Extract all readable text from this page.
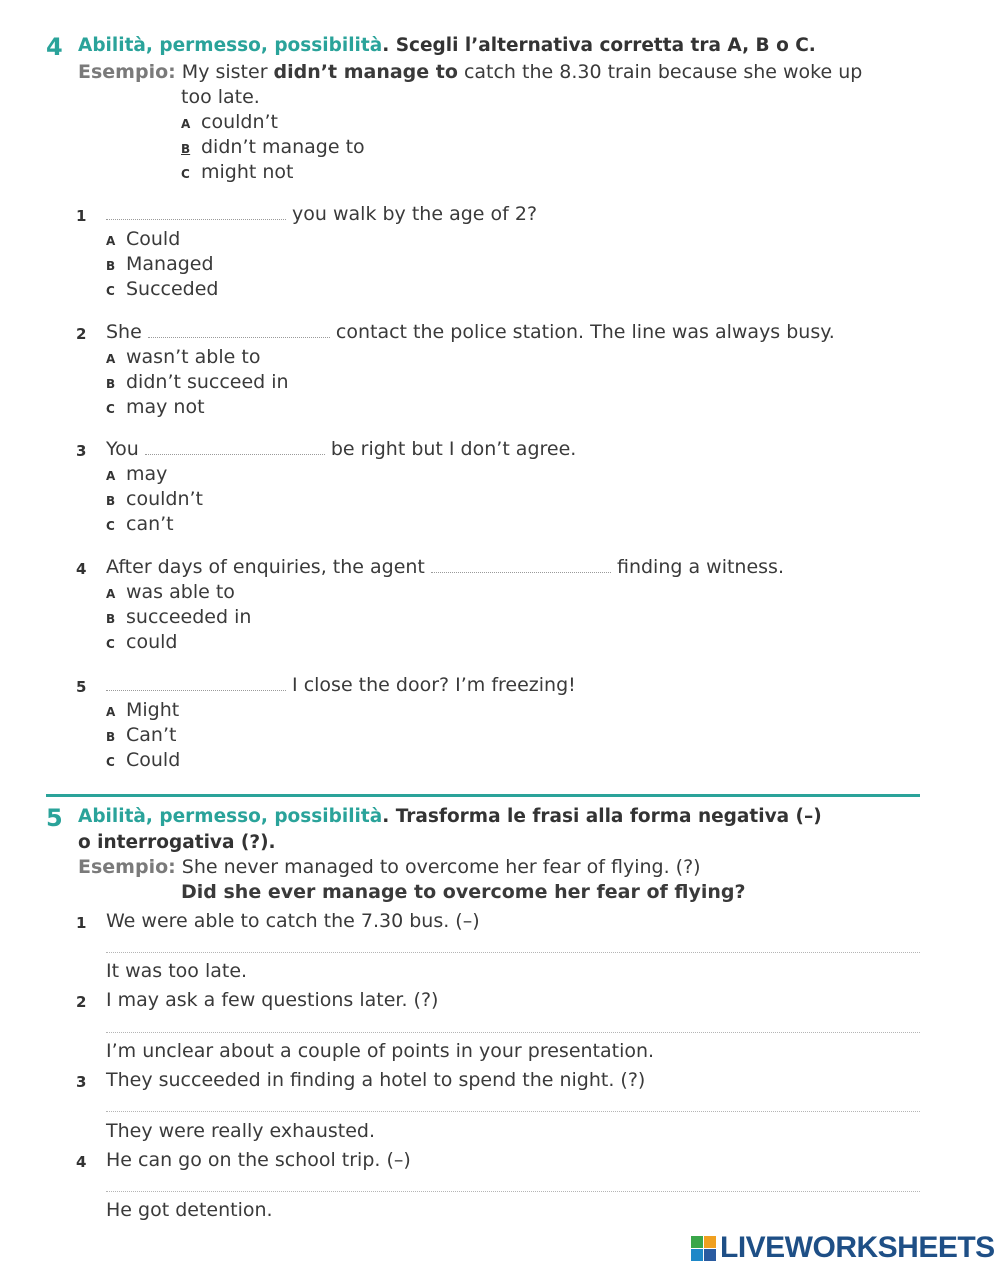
4 Abilità, permesso, possibilità. Scegli l’alternativa corretta tra A, B o C.
Esempio: My sister didn’t manage to catch the 8.30 train because she woke up
too late.
A couldn’t
B didn’t manage to
C might not
1	you walk by the age of 2?
A Could
B Managed
C Succeded
2 She	contact the police station. The line was always busy.
A wasn’t able to
B didn’t succeed in
C may not
3 You	be right but I don’t agree.
A may
B couldn’t
C can’t
4 After days of enquiries, the agent	finding a witness.
A was able to
B succeeded in
C could
5	I close the door? I’m freezing!
A Might
B Can’t
C Could
5 Abilità, permesso, possibilità. Trasforma le frasi alla forma negativa (–)
o interrogativa (?).
Esempio: She never managed to overcome her fear of flying. (?)
Did she ever manage to overcome her fear of flying?
1 We were able to catch the 7.30 bus. (–)
It was too late.
2 I may ask a few questions later. (?)
I’m unclear about a couple of points in your presentation.
3 They succeeded in finding a hotel to spend the night. (?)
They were really exhausted.
4 He can go on the school trip. (–)
He got detention.
LIVEWORKSHEETS
